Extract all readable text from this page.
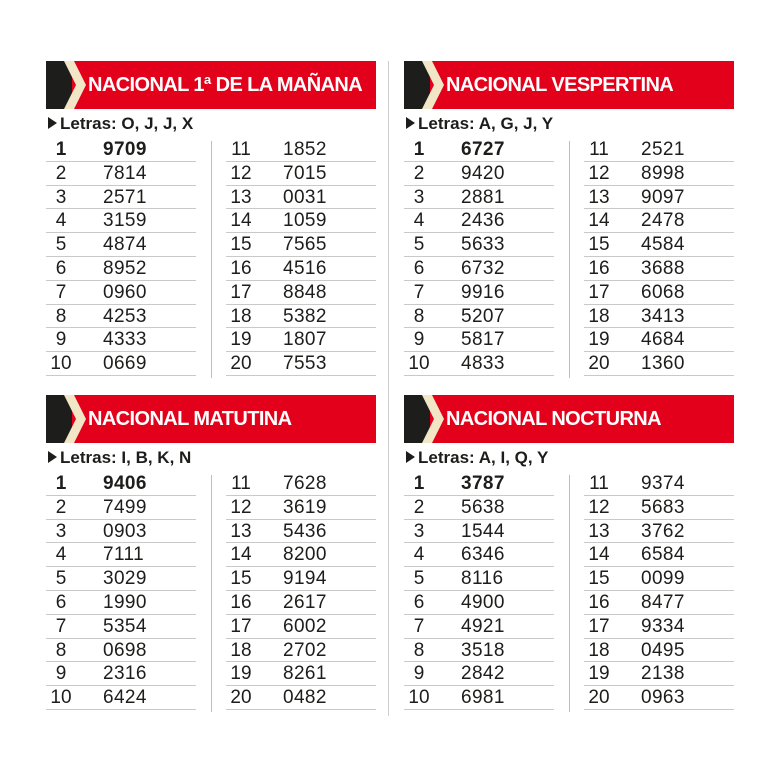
NACIONAL 1ª DE LA MAÑANA
Letras: O, J, J, X
1	9709
2	7814
3	2571
4	3159
5	4874
6	8952
7	0960
8	4253
9	4333
10 0669
11 1852
12 7015
13 0031
14 1059
15 7565
16 4516
17 8848
18 5382
19 1807
20 7553
NACIONAL VESPERTINA
Letras: A, G, J, Y
1	6727
2	9420
3	2881
4	2436
5	5633
6	6732
7	9916
8	5207
9	5817
10 4833
11 2521
12 8998
13 9097
14 2478
15 4584
16 3688
17 6068
18 3413
19 4684
20 1360
NACIONAL MATUTINA
Letras: I, B, K, N
1	9406
2	7499
3	0903
4	7111
5	3029
6	1990
7	5354
8	0698
9	2316
10 6424
11 7628
12 3619
13 5436
14 8200
15 9194
16 2617
17 6002
18 2702
19 8261
20 0482
NACIONAL NOCTURNA
Letras: A, I, Q, Y
1	3787
2	5638
3	1544
4	6346
5	8116
6	4900
7	4921
8	3518
9	2842
10 6981
11 9374
12 5683
13 3762
14 6584
15 0099
16 8477
17 9334
18 0495
19 2138
20 0963
